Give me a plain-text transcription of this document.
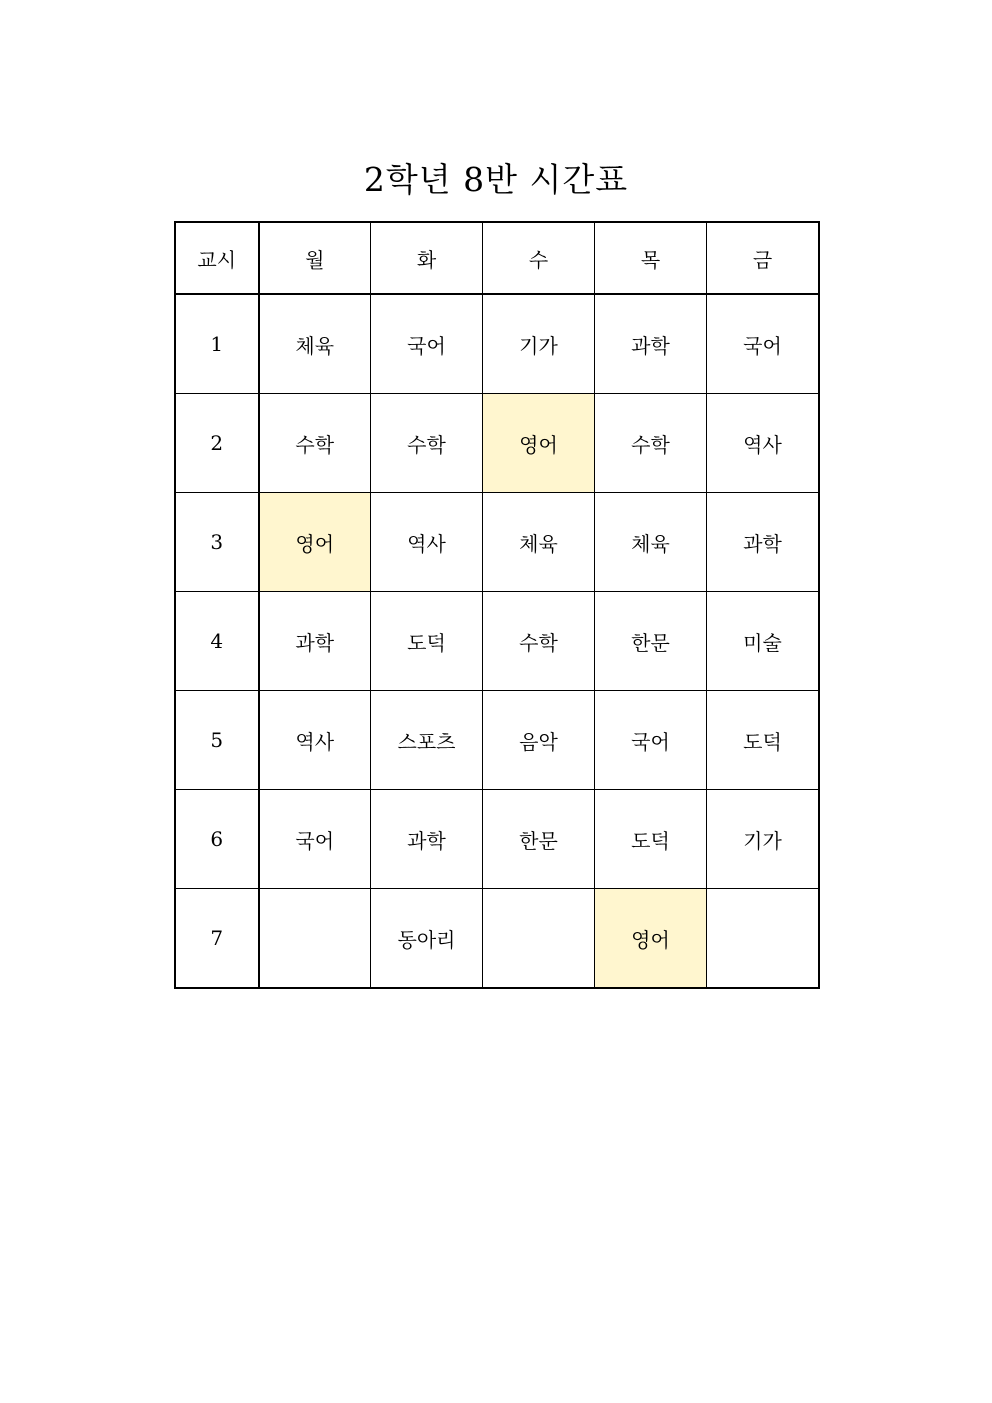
2학년 8반 시간표
교시	월	화	수	목	금
1	체육	국어	기가	과학	국어
2	수학	수학	영어	수학	역사
3	영어	역사	체육	체육	과학
4	과학	도덕	수학	한문	미술
5	역사	스포츠	음악	국어	도덕
6	국어	과학	한문	도덕	기가
7		동아리		영어	
